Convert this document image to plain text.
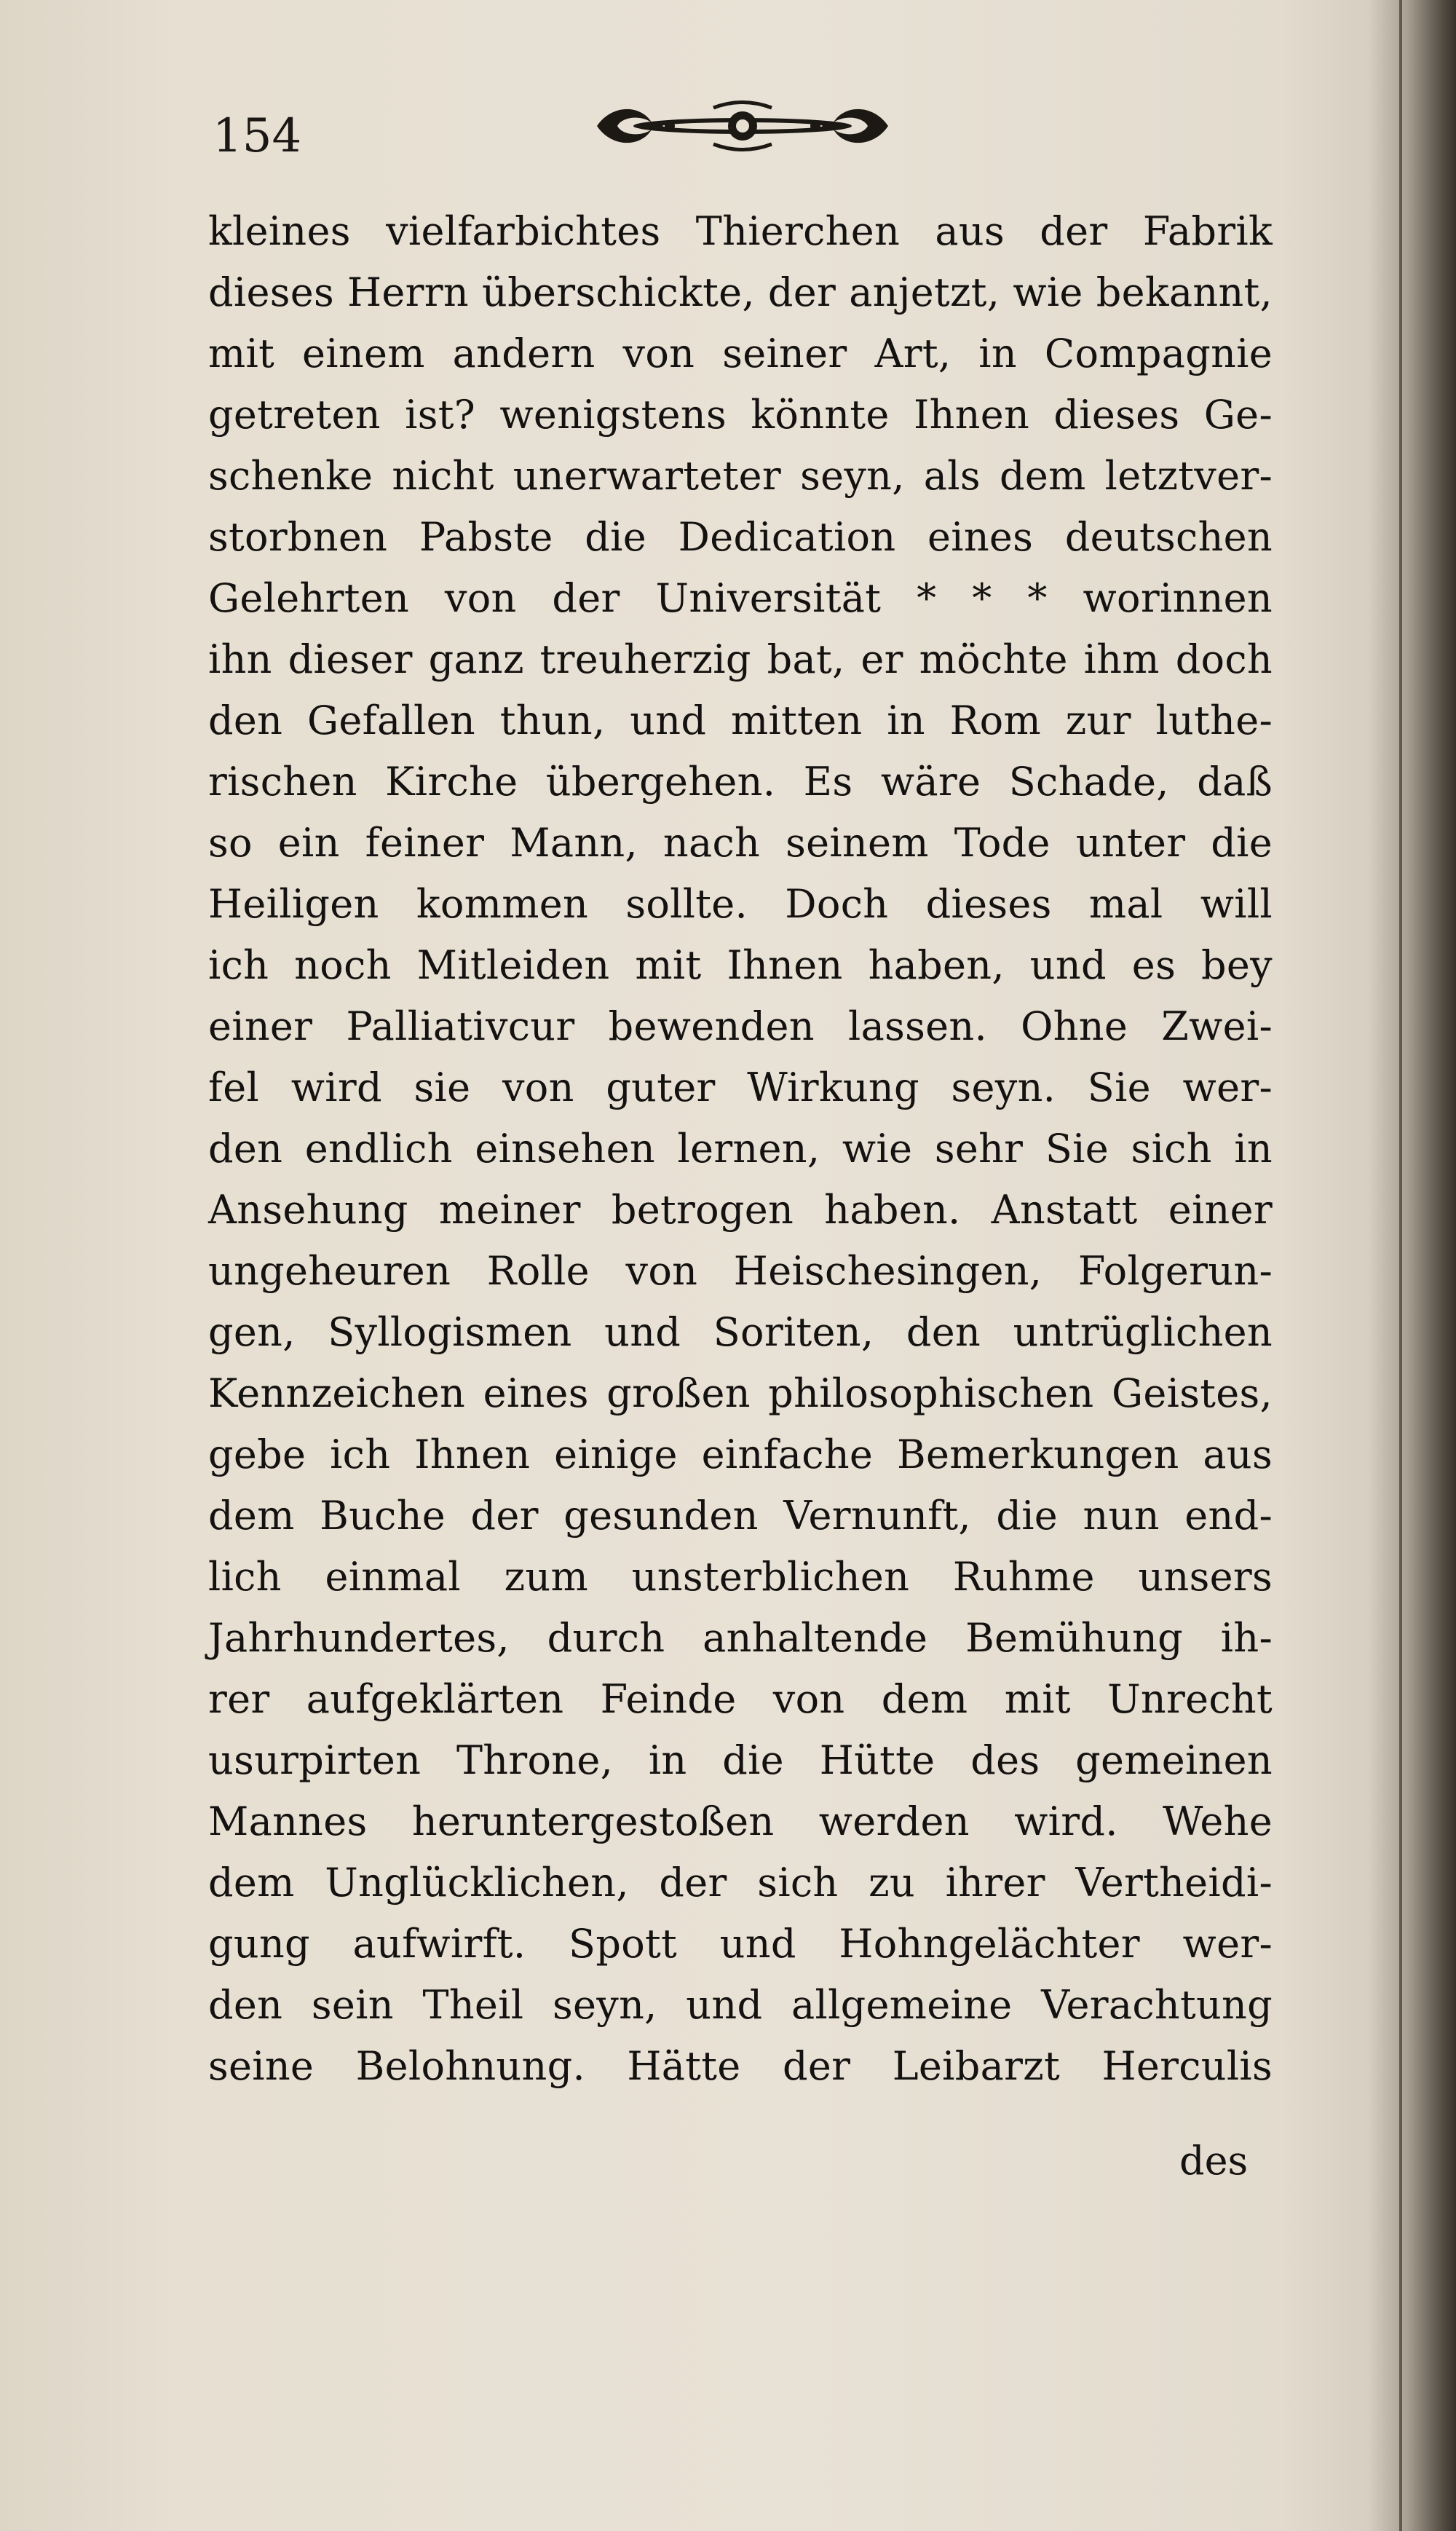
154
kleines vielfarbichtes Thierchen aus der Fabrik
dieses Herrn überschickte, der anjetzt, wie bekannt,
mit einem andern von seiner Art, in Compagnie
getreten ist? wenigstens könnte Ihnen dieses Ge-
schenke nicht unerwarteter seyn, als dem letztver-
storbnen Pabste die Dedication eines deutschen
Gelehrten von der Universität * * * worinnen
ihn dieser ganz treuherzig bat, er möchte ihm doch
den Gefallen thun, und mitten in Rom zur luthe-
rischen Kirche übergehen. Es wäre Schade, daß
so ein feiner Mann, nach seinem Tode unter die
Heiligen kommen sollte. Doch dieses mal will
ich noch Mitleiden mit Ihnen haben, und es bey
einer Palliativcur bewenden lassen. Ohne Zwei-
fel wird sie von guter Wirkung seyn. Sie wer-
den endlich einsehen lernen, wie sehr Sie sich in
Ansehung meiner betrogen haben. Anstatt einer
ungeheuren Rolle von Heischesingen, Folgerun-
gen, Syllogismen und Soriten, den untrüglichen
Kennzeichen eines großen philosophischen Geistes,
gebe ich Ihnen einige einfache Bemerkungen aus
dem Buche der gesunden Vernunft, die nun end-
lich einmal zum unsterblichen Ruhme unsers
Jahrhundertes, durch anhaltende Bemühung ih-
rer aufgeklärten Feinde von dem mit Unrecht
usurpirten Throne, in die Hütte des gemeinen
Mannes heruntergestoßen werden wird. Wehe
dem Unglücklichen, der sich zu ihrer Vertheidi-
gung aufwirft. Spott und Hohngelächter wer-
den sein Theil seyn, und allgemeine Verachtung
seine Belohnung. Hätte der Leibarzt Herculis
des
